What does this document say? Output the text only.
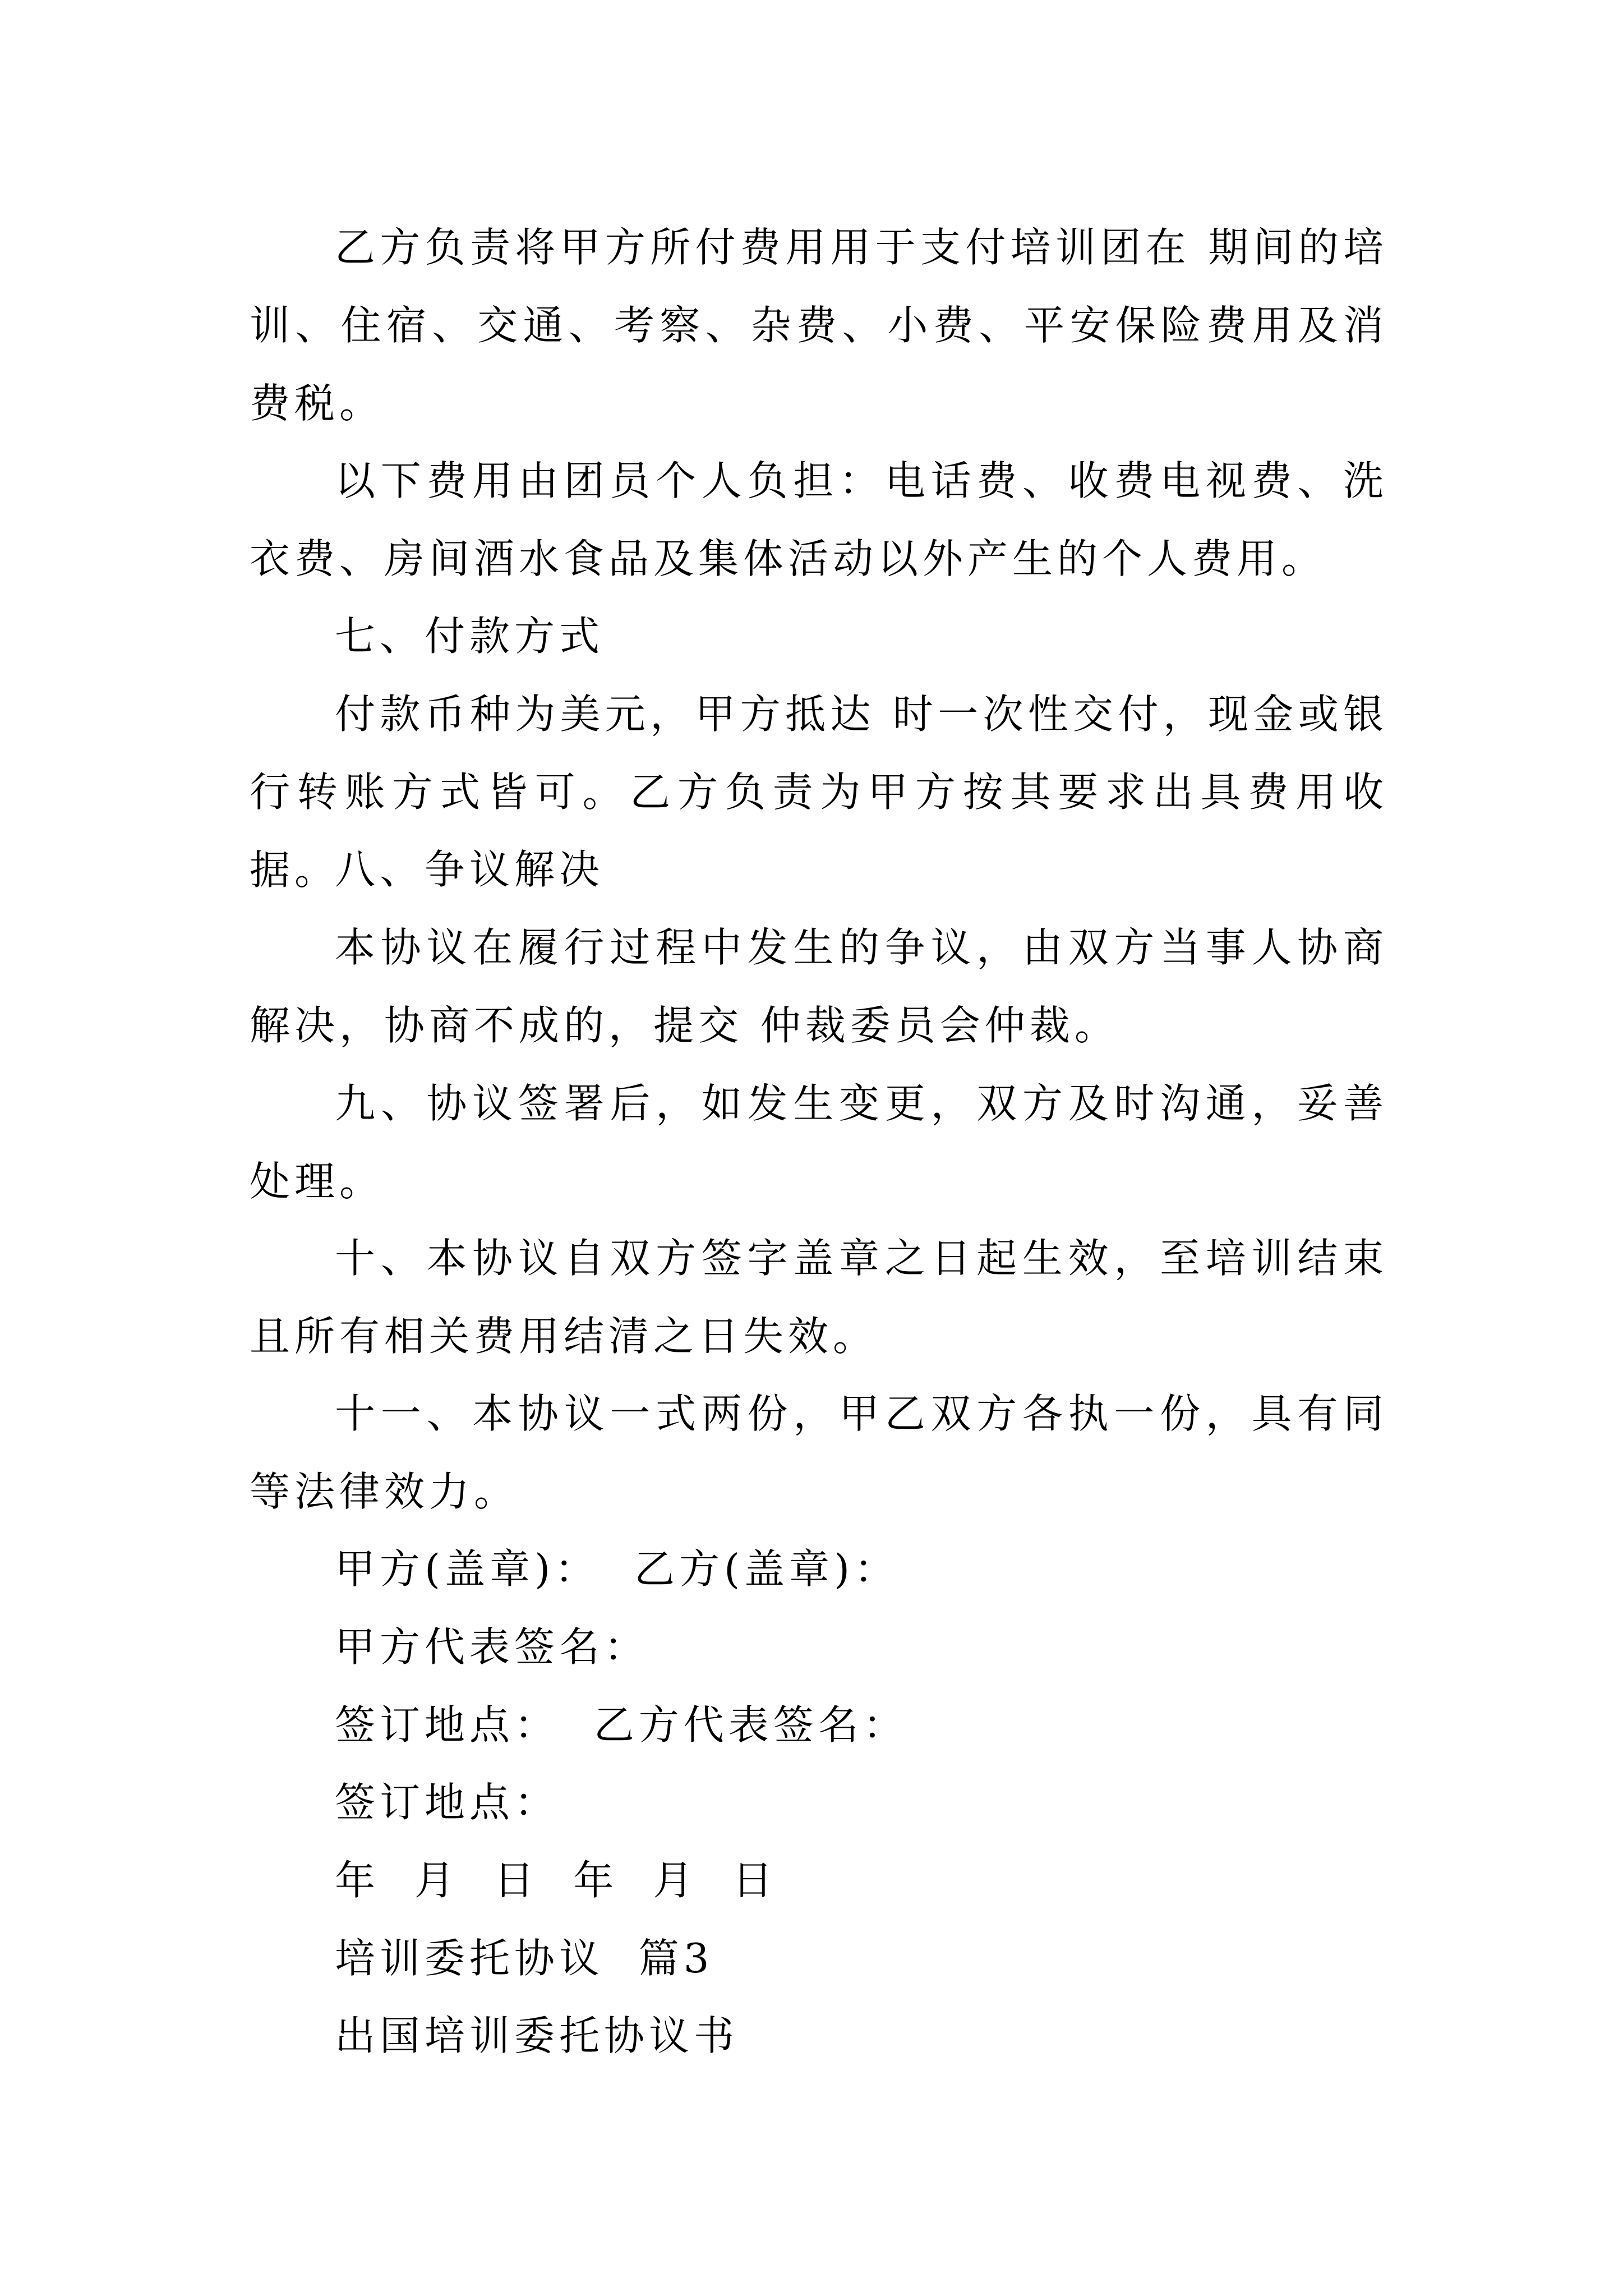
乙方负责将甲方所付费用用于支付培训团在 期间的培训、住宿、交通、考察、杂费、小费、平安保险费用及消费税。

以下费用由团员个人负担：电话费、收费电视费、洗衣费、房间酒水食品及集体活动以外产生的个人费用。

七、付款方式

付款币种为美元，甲方抵达 时一次性交付，现金或银行转账方式皆可。乙方负责为甲方按其要求出具费用收据。

八、争议解决

本协议在履行过程中发生的争议，由双方当事人协商解决，协商不成的，提交 仲裁委员会仲裁。

九、协议签署后，如发生变更，双方及时沟通，妥善处理。

十、本协议自双方签字盖章之日起生效，至培训结束且所有相关费用结清之日失效。

十一、本协议一式两份，甲乙双方各执一份，具有同等法律效力。

甲方(盖章)：  乙方(盖章)：

甲方代表签名：

签订地点：  乙方代表签名：

签订地点：

年  月  日  年  月  日

培训委托协议  篇3

出国培训委托协议书
